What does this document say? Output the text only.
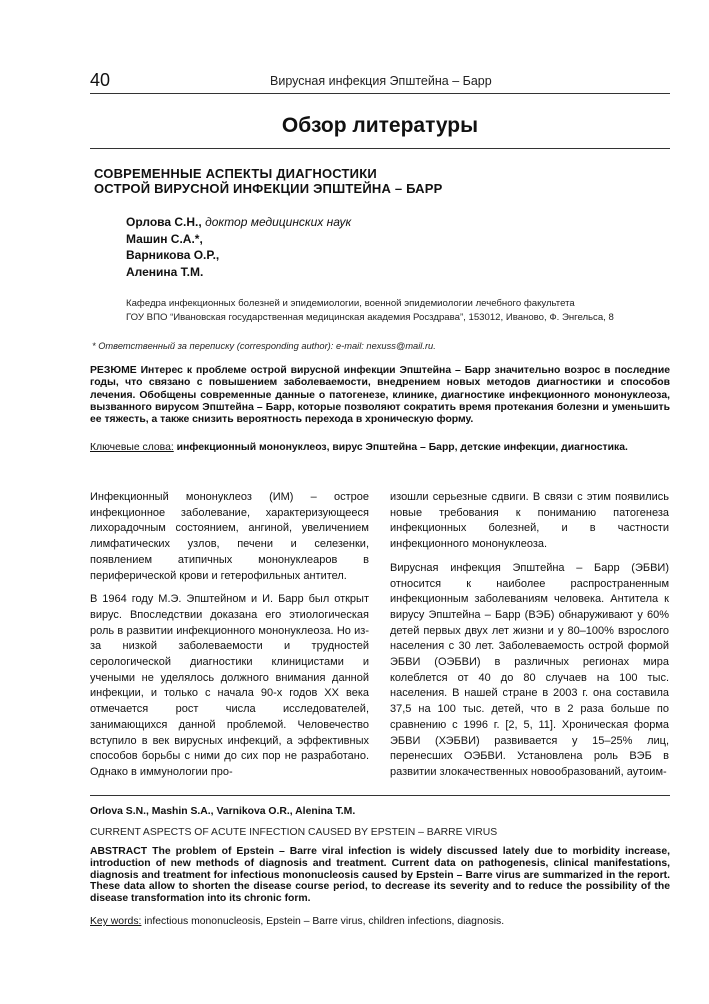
40	Вирусная инфекция Эпштейна – Барр
Обзор литературы
СОВРЕМЕННЫЕ АСПЕКТЫ ДИАГНОСТИКИ
ОСТРОЙ ВИРУСНОЙ ИНФЕКЦИИ ЭПШТЕЙНА – БАРР
Орлова С.Н., доктор медицинских наук
Машин С.А.*,
Варникова О.Р.,
Аленина Т.М.
Кафедра инфекционных болезней и эпидемиологии, военной эпидемиологии лечебного факультета
ГОУ ВПО “Ивановская государственная медицинская академия Росздрава”, 153012, Иваново, Ф. Энгельса, 8
* Ответственный за переписку (corresponding author): e-mail: nexuss@mail.ru.
РЕЗЮМЕ Интерес к проблеме острой вирусной инфекции Эпштейна – Барр значительно возрос в последние годы, что связано с повышением заболеваемости, внедрением новых методов диагностики и способов лечения. Обобщены современные данные о патогенезе, клинике, диагностике инфекционного мононуклеоза, вызванного вирусом Эпштейна – Барр, которые позволяют сократить время протекания болезни и уменьшить ее тяжесть, а также снизить вероятность перехода в хроническую форму.
Ключевые слова: инфекционный мононуклеоз, вирус Эпштейна – Барр, детские инфекции, диагностика.

Инфекционный мононуклеоз (ИМ) – острое инфекционное заболевание, характеризующееся лихорадочным состоянием, ангиной, увеличением лимфатических узлов, печени и селезенки, появлением атипичных мононуклеаров в периферической крови и гетерофильных антител.

В 1964 году М.Э. Эпштейном и И. Барр был открыт вирус. Впоследствии доказана его этиологическая роль в развитии инфекционного мононуклеоза. Но из-за низкой заболеваемости и трудностей серологической диагностики клиницистами и учеными не уделялось должного внимания данной инфекции, и только с начала 90-х годов XX века отмечается рост числа исследователей, занимающихся данной проблемой. Человечество вступило в век вирусных инфекций, а эффективных способов борьбы с ними до сих пор не разработано. Однако в иммунологии про-

изошли серьезные сдвиги. В связи с этим появились новые требования к пониманию патогенеза инфекционных болезней, и в частности инфекционного мононуклеоза.

Вирусная инфекция Эпштейна – Барр (ЭБВИ) относится к наиболее распространенным инфекционным заболеваниям человека. Антитела к вирусу Эпштейна – Барр (ВЭБ) обнаруживают у 60% детей первых двух лет жизни и у 80–100% взрослого населения с 30 лет. Заболеваемость острой формой ЭБВИ (ОЭБВИ) в различных регионах мира колеблется от 40 до 80 случаев на 100 тыс. населения. В нашей стране в 2003 г. она составила 37,5 на 100 тыс. детей, что в 2 раза больше по сравнению с 1996 г. [2, 5, 11]. Хроническая форма ЭБВИ (ХЭБВИ) развивается у 15–25% лиц, перенесших ОЭБВИ. Установлена роль ВЭБ в развитии злокачественных новообразований, аутоим-

Orlova S.N., Mashin S.A., Varnikova O.R., Alenina T.M.
CURRENT ASPECTS OF ACUTE INFECTION CAUSED BY EPSTEIN – BARRE VIRUS
ABSTRACT The problem of Epstein – Barre viral infection is widely discussed lately due to morbidity increase, introduction of new methods of diagnosis and treatment. Current data on pathogenesis, clinical manifestations, diagnosis and treatment for infectious mononucleosis caused by Epstein – Barre virus are summarized in the report. These data allow to shorten the disease course period, to decrease its severity and to reduce the possibility of the disease transformation into its chronic form.
Key words: infectious mononucleosis, Epstein – Barre virus, children infections, diagnosis.
